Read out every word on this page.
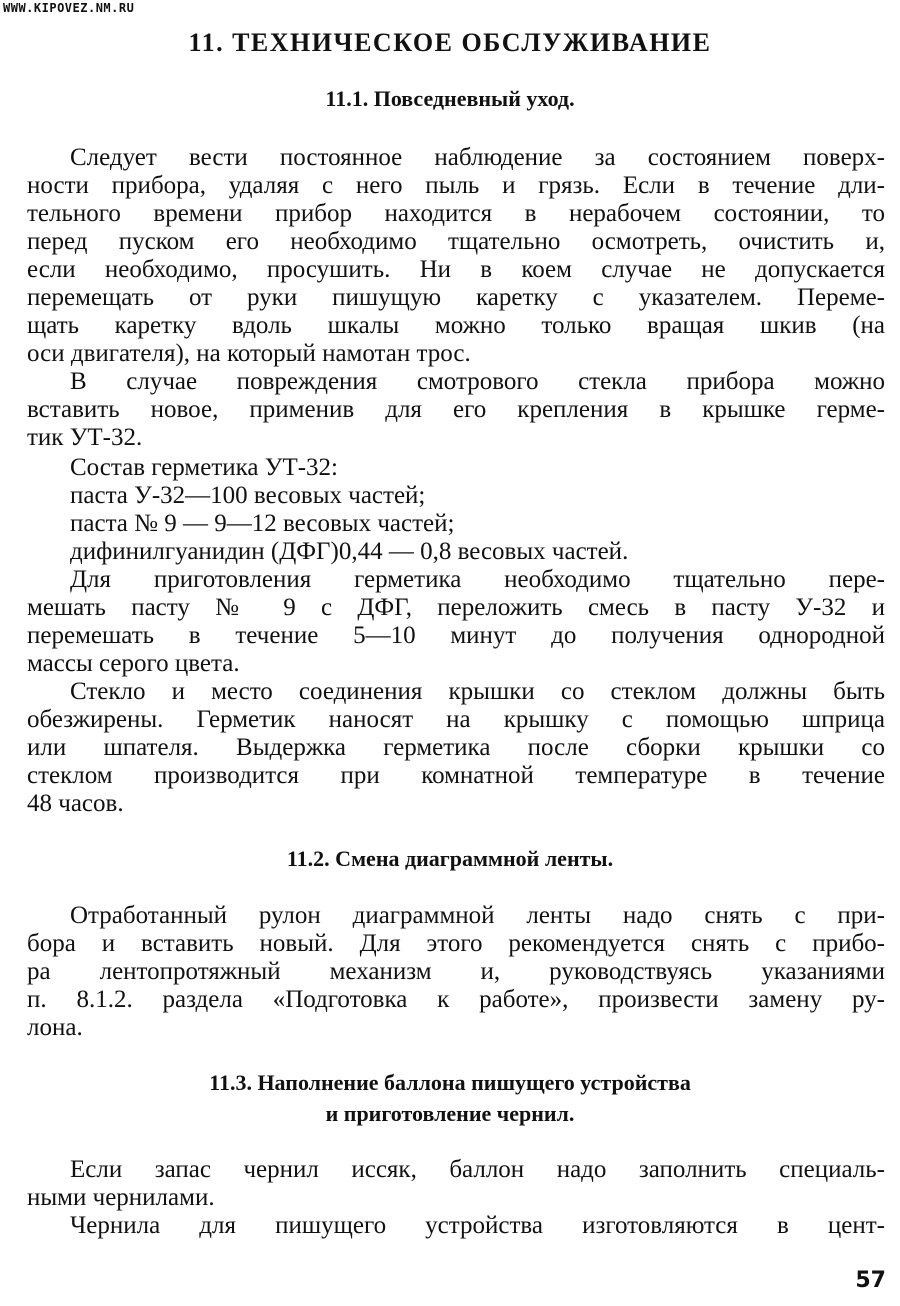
WWW.KIPOVEZ.NM.RU
11. ТЕХНИЧЕСКОЕ ОБСЛУЖИВАНИЕ
11.1. Повседневный уход.
Следует вести постоянное наблюдение за состоянием поверх-
ности прибора, удаляя с него пыль и грязь. Если в течение дли-
тельного времени прибор находится в нерабочем состоянии, то
перед пуском его необходимо тщательно осмотреть, очистить и,
если необходимо, просушить. Ни в коем случае не допускается
перемещать от руки пишущую каретку с указателем. Переме-
щать каретку вдоль шкалы можно только вращая шкив (на
оси двигателя), на который намотан трос.
В случае повреждения смотрового стекла прибора можно
вставить новое, применив для его крепления в крышке герме-
тик УТ-32.
Состав герметика УТ-32:
паста У-32—100 весовых частей;
паста № 9 — 9—12 весовых частей;
дифинилгуанидин (ДФГ)0,44 — 0,8 весовых частей.
Для приготовления герметика необходимо тщательно пере-
мешать пасту № 9 с ДФГ, переложить смесь в пасту У-32 и
перемешать в течение 5—10 минут до получения однородной
массы серого цвета.
Стекло и место соединения крышки со стеклом должны быть
обезжирены. Герметик наносят на крышку с помощью шприца
или шпателя. Выдержка герметика после сборки крышки со
стеклом производится при комнатной температуре в течение
48 часов.
11.2. Смена диаграммной ленты.
Отработанный рулон диаграммной ленты надо снять с при-
бора и вставить новый. Для этого рекомендуется снять с прибо-
ра лентопротяжный механизм и, руководствуясь указаниями
п. 8.1.2. раздела «Подготовка к работе», произвести замену ру-
лона.
11.3. Наполнение баллона пишущего устройства
и приготовление чернил.
Если запас чернил иссяк, баллон надо заполнить специаль-
ными чернилами.
Чернила для пишущего устройства изготовляются в цент-
57
